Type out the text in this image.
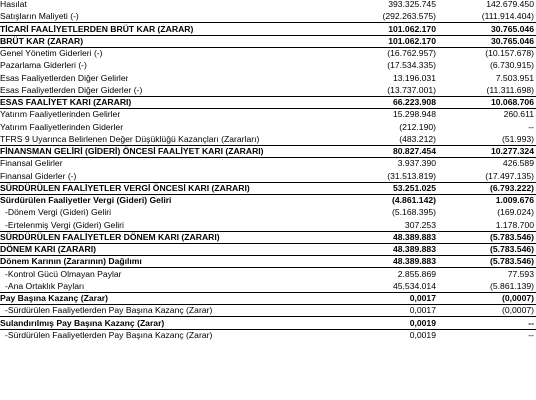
Hasılat	393.325.745	142.679.450
Satışların Maliyeti (-)	(292.263.575)	(111.914.404)
TİCARİ FAALİYETLERDEN BRÜT KAR (ZARAR)	101.062.170	30.765.046
BRÜT KAR (ZARAR)	101.062.170	30.765.046
Genel Yönetim Giderleri (-)	(16.762.957)	(10.157.678)
Pazarlama Giderleri (-)	(17.534.335)	(6.730.915)
Esas Faaliyetlerden Diğer Gelirler	13.196.031	7.503.951
Esas Faaliyetlerden Diğer Giderler (-)	(13.737.001)	(11.311.698)
ESAS FAALİYET KARI (ZARARI)	66.223.908	10.068.706
Yatırım Faaliyetlerinden Gelirler	15.298.948	260.611
Yatırım Faaliyetlerinden Giderler	(212.190)	--
TFRS 9 Uyarınca Belirlenen Değer Düşüklüğü Kazançları (Zararları)	(483.212)	(51.993)
FİNANSMAN GELİRİ (GİDERİ) ÖNCESİ FAALİYET KARI (ZARARI)	80.827.454	10.277.324
Finansal Gelirler	3.937.390	426.589
Finansal Giderler (-)	(31.513.819)	(17.497.135)
SÜRDÜRÜLEN FAALİYETLER VERGİ ÖNCESİ KARI (ZARARI)	53.251.025	(6.793.222)
Sürdürülen Faaliyetler Vergi (Gideri) Geliri	(4.861.142)	1.009.676
-Dönem Vergi (Gideri) Geliri	(5.168.395)	(169.024)
-Ertelenmiş Vergi (Gideri) Geliri	307.253	1.178.700
SÜRDÜRÜLEN FAALİYETLER DÖNEM KARI (ZARARI)	48.389.883	(5.783.546)
DÖNEM KARI (ZARARI)	48.389.883	(5.783.546)
Dönem Karının (Zararının) Dağılımı	48.389.883	(5.783.546)
-Kontrol Gücü Olmayan Paylar	2.855.869	77.593
-Ana Ortaklık Payları	45.534.014	(5.861.139)
Pay Başına Kazanç (Zarar)	0,0017	(0,0007)
-Sürdürülen Faaliyetlerden Pay Başına Kazanç (Zarar)	0,0017	(0,0007)
Sulandırılmış Pay Başına Kazanç (Zarar)	0,0019	--
-Sürdürülen Faaliyetlerden Pay Başına Kazanç (Zarar)	0,0019	--
